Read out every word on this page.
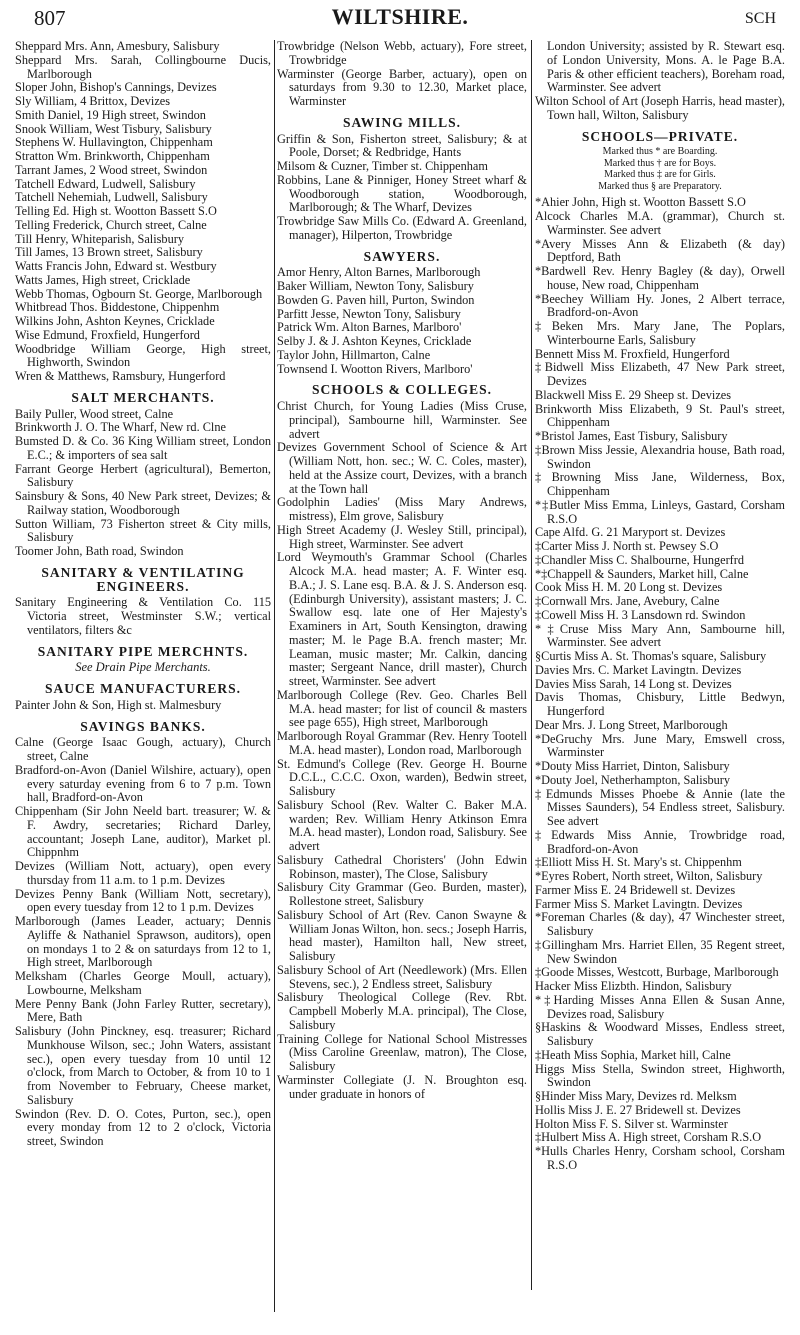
807	WILTSHIRE.	SCH

Sheppard Mrs. Ann, Amesbury, Salisbury

Sheppard Mrs. Sarah, Collingbourne Ducis, Marlborough

Sloper John, Bishop's Cannings, Devizes

Sly William, 4 Brittox, Devizes

Smith Daniel, 19 High street, Swindon

Snook William, West Tisbury, Salisbury

Stephens W. Hullavington, Chippenham

Stratton Wm. Brinkworth, Chippenham

Tarrant James, 2 Wood street, Swindon

Tatchell Edward, Ludwell, Salisbury

Tatchell Nehemiah, Ludwell, Salisbury

Telling Ed. High st. Wootton Bassett S.O

Telling Frederick, Church street, Calne

Till Henry, Whiteparish, Salisbury

Till James, 13 Brown street, Salisbury

Watts Francis John, Edward st. Westbury

Watts James, High street, Cricklade

Webb Thomas, Ogbourn St. George, Marlborough

Whitbread Thos. Biddestone, Chippenhm

Wilkins John, Ashton Keynes, Cricklade

Wise Edmund, Froxfield, Hungerford

Woodbridge William George, High street, Highworth, Swindon

Wren & Matthews, Ramsbury, Hungerford

SALT MERCHANTS.

Baily Puller, Wood street, Calne

Brinkworth J. O. The Wharf, New rd. Clne

Bumsted D. & Co. 36 King William street, London E.C.; & importers of sea salt

Farrant George Herbert (agricultural), Bemerton, Salisbury

Sainsbury & Sons, 40 New Park street, Devizes; & Railway station, Woodborough

Sutton William, 73 Fisherton street & City mills, Salisbury

Toomer John, Bath road, Swindon

SANITARY & VENTILATING ENGINEERS.

Sanitary Engineering & Ventilation Co. 115 Victoria street, Westminster S.W.; vertical ventilators, filters &c

SANITARY PIPE MERCHNTS.

See Drain Pipe Merchants.

SAUCE MANUFACTURERS.

Painter John & Son, High st. Malmesbury

SAVINGS BANKS.

Calne (George Isaac Gough, actuary), Church street, Calne

Bradford-on-Avon (Daniel Wilshire, actuary), open every saturday evening from 6 to 7 p.m. Town hall, Bradford-on-Avon

Chippenham (Sir John Neeld bart. treasurer; W. & F. Awdry, secretaries; Richard Darley, accountant; Joseph Lane, auditor), Market pl. Chippnhm

Devizes (William Nott, actuary), open every thursday from 11 a.m. to 1 p.m. Devizes

Devizes Penny Bank (William Nott, secretary), open every tuesday from 12 to 1 p.m. Devizes

Marlborough (James Leader, actuary; Dennis Ayliffe & Nathaniel Sprawson, auditors), open on mondays 1 to 2 & on saturdays from 12 to 1, High street, Marlborough

Melksham (Charles George Moull, actuary), Lowbourne, Melksham

Mere Penny Bank (John Farley Rutter, secretary), Mere, Bath

Salisbury (John Pinckney, esq. treasurer; Richard Munkhouse Wilson, sec.; John Waters, assistant sec.), open every tuesday from 10 until 12 o'clock, from March to October, & from 10 to 1 from November to February, Cheese market, Salisbury

Swindon (Rev. D. O. Cotes, Purton, sec.), open every monday from 12 to 2 o'clock, Victoria street, Swindon

Trowbridge (Nelson Webb, actuary), Fore street, Trowbridge

Warminster (George Barber, actuary), open on saturdays from 9.30 to 12.30, Market place, Warminster

SAWING MILLS.

Griffin & Son, Fisherton street, Salisbury; & at Poole, Dorset; & Redbridge, Hants

Milsom & Cuzner, Timber st. Chippenham

Robbins, Lane & Pinniger, Honey Street wharf & Woodborough station, Woodborough, Marlborough; & The Wharf, Devizes

Trowbridge Saw Mills Co. (Edward A. Greenland, manager), Hilperton, Trowbridge

SAWYERS.

Amor Henry, Alton Barnes, Marlborough

Baker William, Newton Tony, Salisbury

Bowden G. Paven hill, Purton, Swindon

Parfitt Jesse, Newton Tony, Salisbury

Patrick Wm. Alton Barnes, Marlboro'

Selby J. & J. Ashton Keynes, Cricklade

Taylor John, Hillmarton, Calne

Townsend I. Wootton Rivers, Marlboro'

SCHOOLS & COLLEGES.

Christ Church, for Young Ladies (Miss Cruse, principal), Sambourne hill, Warminster. See advert

Devizes Government School of Science & Art (William Nott, hon. sec.; W. C. Coles, master), held at the Assize court, Devizes, with a branch at the Town hall

Godolphin Ladies' (Miss Mary Andrews, mistress), Elm grove, Salisbury

High Street Academy (J. Wesley Still, principal), High street, Warminster. See advert

Lord Weymouth's Grammar School (Charles Alcock M.A. head master; A. F. Winter esq. B.A.; J. S. Lane esq. B.A. & J. S. Anderson esq. (Edinburgh University), assistant masters; J. C. Swallow esq. late one of Her Majesty's Examiners in Art, South Kensington, drawing master; M. le Page B.A. french master; Mr. Leaman, music master; Mr. Calkin, dancing master; Sergeant Nance, drill master), Church street, Warminster. See advert

Marlborough College (Rev. Geo. Charles Bell M.A. head master; for list of council & masters see page 655), High street, Marlborough

Marlborough Royal Grammar (Rev. Henry Tootell M.A. head master), London road, Marlborough

St. Edmund's College (Rev. George H. Bourne D.C.L., C.C.C. Oxon, warden), Bedwin street, Salisbury

Salisbury School (Rev. Walter C. Baker M.A. warden; Rev. William Henry Atkinson Emra M.A. head master), London road, Salisbury. See advert

Salisbury Cathedral Choristers' (John Edwin Robinson, master), The Close, Salisbury

Salisbury City Grammar (Geo. Burden, master), Rollestone street, Salisbury

Salisbury School of Art (Rev. Canon Swayne & William Jonas Wilton, hon. secs.; Joseph Harris, head master), Hamilton hall, New street, Salisbury

Salisbury School of Art (Needlework) (Mrs. Ellen Stevens, sec.), 2 Endless street, Salisbury

Salisbury Theological College (Rev. Rbt. Campbell Moberly M.A. principal), The Close, Salisbury

Training College for National School Mistresses (Miss Caroline Greenlaw, matron), The Close, Salisbury

Warminster Collegiate (J. N. Broughton esq. under graduate in honors of

London University; assisted by R. Stewart esq. of London University, Mons. A. le Page B.A. Paris & other efficient teachers), Boreham road, Warminster. See advert

Wilton School of Art (Joseph Harris, head master), Town hall, Wilton, Salisbury

SCHOOLS—PRIVATE.

Marked thus * are Boarding.
Marked thus † are for Boys.
Marked thus ‡ are for Girls.
Marked thus § are Preparatory.

*Ahier John, High st. Wootton Bassett S.O

Alcock Charles M.A. (grammar), Church st. Warminster. See advert

*Avery Misses Ann & Elizabeth (& day) Deptford, Bath

*Bardwell Rev. Henry Bagley (& day), Orwell house, New road, Chippenham

*Beechey William Hy. Jones, 2 Albert terrace, Bradford-on-Avon

‡Beken Mrs. Mary Jane, The Poplars, Winterbourne Earls, Salisbury

Bennett Miss M. Froxfield, Hungerford

‡Bidwell Miss Elizabeth, 47 New Park street, Devizes

Blackwell Miss E. 29 Sheep st. Devizes

Brinkworth Miss Elizabeth, 9 St. Paul's street, Chippenham

*Bristol James, East Tisbury, Salisbury

‡Brown Miss Jessie, Alexandria house, Bath road, Swindon

‡Browning Miss Jane, Wilderness, Box, Chippenham

*‡Butler Miss Emma, Linleys, Gastard, Corsham R.S.O

Cape Alfd. G. 21 Maryport st. Devizes

‡Carter Miss J. North st. Pewsey S.O

‡Chandler Miss C. Shalbourne, Hungerfrd

*‡Chappell & Saunders, Market hill, Calne

Cook Miss H. M. 20 Long st. Devizes

‡Cornwall Mrs. Jane, Avebury, Calne

‡Cowell Miss H. 3 Lansdown rd. Swindon

*‡Cruse Miss Mary Ann, Sambourne hill, Warminster. See advert

§Curtis Miss A. St. Thomas's square, Salisbury

Davies Mrs. C. Market Lavingtn. Devizes

Davies Miss Sarah, 14 Long st. Devizes

Davis Thomas, Chisbury, Little Bedwyn, Hungerford

Dear Mrs. J. Long Street, Marlborough

*DeGruchy Mrs. June Mary, Emswell cross, Warminster

*Douty Miss Harriet, Dinton, Salisbury

*Douty Joel, Netherhampton, Salisbury

‡Edmunds Misses Phoebe & Annie (late the Misses Saunders), 54 Endless street, Salisbury. See advert

‡Edwards Miss Annie, Trowbridge road, Bradford-on-Avon

‡Elliott Miss H. St. Mary's st. Chippenhm

*Eyres Robert, North street, Wilton, Salisbury

Farmer Miss E. 24 Bridewell st. Devizes

Farmer Miss S. Market Lavingtn. Devizes

*Foreman Charles (& day), 47 Winchester street, Salisbury

‡Gillingham Mrs. Harriet Ellen, 35 Regent street, New Swindon

‡Goode Misses, Westcott, Burbage, Marlborough

Hacker Miss Elizbth. Hindon, Salisbury

*‡Harding Misses Anna Ellen & Susan Anne, Devizes road, Salisbury

§Haskins & Woodward Misses, Endless street, Salisbury

‡Heath Miss Sophia, Market hill, Calne

Higgs Miss Stella, Swindon street, Highworth, Swindon

§Hinder Miss Mary, Devizes rd. Melksm

Hollis Miss J. E. 27 Bridewell st. Devizes

Holton Miss F. S. Silver st. Warminster

‡Hulbert Miss A. High street, Corsham R.S.O

*Hulls Charles Henry, Corsham school, Corsham R.S.O
